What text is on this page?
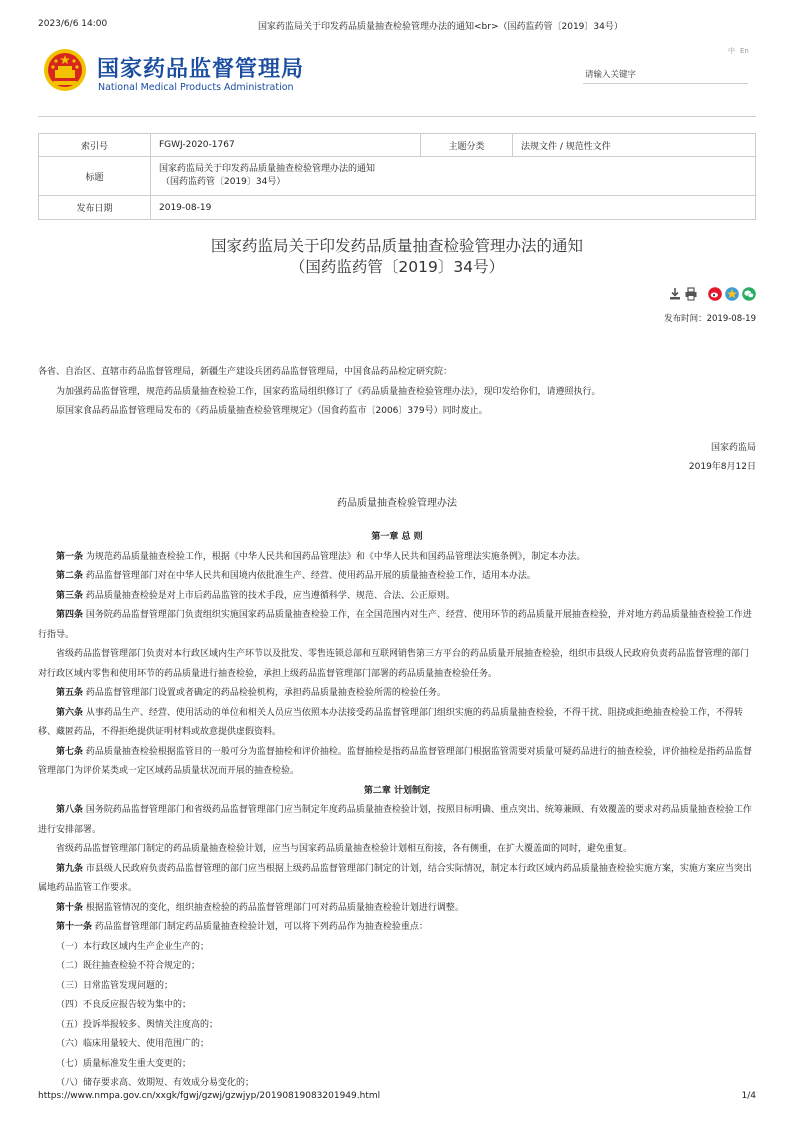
2023/6/6 14:00	国家药监局关于印发药品质量抽查检验管理办法的通知<br>（国药监药管〔2019〕34号）
国家药品监督管理局
National Medical Products Administration
中 En
请输入关键字
索引号	FGWJ-2020-1767	主题分类	法规文件 / 规范性文件
标题	国家药监局关于印发药品质量抽查检验管理办法的通知
（国药监药管〔2019〕34号）		

发布日期	2019-08-19		
国家药监局关于印发药品质量抽查检验管理办法的通知
（国药监药管〔2019〕34号）
发布时间：2019-08-19

各省、自治区、直辖市药品监督管理局，新疆生产建设兵团药品监督管理局，中国食品药品检定研究院：

为加强药品监督管理，规范药品质量抽查检验工作，国家药监局组织修订了《药品质量抽查检验管理办法》，现印发给你们，请遵照执行。

原国家食品药品监督管理局发布的《药品质量抽查检验管理规定》（国食药监市〔2006〕379号）同时废止。

国家药监局

2019年8月12日

药品质量抽查检验管理办法

第一章 总 则

第一条 为规范药品质量抽查检验工作，根据《中华人民共和国药品管理法》和《中华人民共和国药品管理法实施条例》，制定本办法。

第二条 药品监督管理部门对在中华人民共和国境内依批准生产、经营、使用药品开展的质量抽查检验工作，适用本办法。

第三条 药品质量抽查检验是对上市后药品监管的技术手段，应当遵循科学、规范、合法、公正原则。

第四条 国务院药品监督管理部门负责组织实施国家药品质量抽查检验工作，在全国范围内对生产、经营、使用环节的药品质量开展抽查检验，并对地方药品质量抽查检验工作进行指导。

省级药品监督管理部门负责对本行政区域内生产环节以及批发、零售连锁总部和互联网销售第三方平台的药品质量开展抽查检验，组织市县级人民政府负责药品监督管理的部门对行政区域内零售和使用环节的药品质量进行抽查检验，承担上级药品监督管理部门部署的药品质量抽查检验任务。

第五条 药品监督管理部门设置或者确定的药品检验机构，承担药品质量抽查检验所需的检验任务。

第六条 从事药品生产、经营、使用活动的单位和相关人员应当依照本办法接受药品监督管理部门组织实施的药品质量抽查检验，不得干扰、阻挠或拒绝抽查检验工作，不得转移、藏匿药品，不得拒绝提供证明材料或故意提供虚假资料。

第七条 药品质量抽查检验根据监管目的一般可分为监督抽检和评价抽检。监督抽检是指药品监督管理部门根据监管需要对质量可疑药品进行的抽查检验，评价抽检是指药品监督管理部门为评价某类或一定区域药品质量状况而开展的抽查检验。

第二章 计划制定

第八条 国务院药品监督管理部门和省级药品监督管理部门应当制定年度药品质量抽查检验计划，按照目标明确、重点突出、统筹兼顾、有效覆盖的要求对药品质量抽查检验工作进行安排部署。

省级药品监督管理部门制定的药品质量抽查检验计划，应当与国家药品质量抽查检验计划相互衔接，各有侧重，在扩大覆盖面的同时，避免重复。

第九条 市县级人民政府负责药品监督管理的部门应当根据上级药品监督管理部门制定的计划，结合实际情况，制定本行政区域内药品质量抽查检验实施方案，实施方案应当突出属地药品监管工作要求。

第十条 根据监管情况的变化，组织抽查检验的药品监督管理部门可对药品质量抽查检验计划进行调整。

第十一条 药品监督管理部门制定药品质量抽查检验计划，可以将下列药品作为抽查检验重点：

（一）本行政区域内生产企业生产的；

（二）既往抽查检验不符合规定的；

（三）日常监管发现问题的；

（四）不良反应报告较为集中的；

（五）投诉举报较多、舆情关注度高的；

（六）临床用量较大、使用范围广的；

（七）质量标准发生重大变更的；

（八）储存要求高、效期短、有效成分易变化的；

https://www.nmpa.gov.cn/xxgk/fgwj/gzwj/gzwjyp/20190819083201949.html	1/4
